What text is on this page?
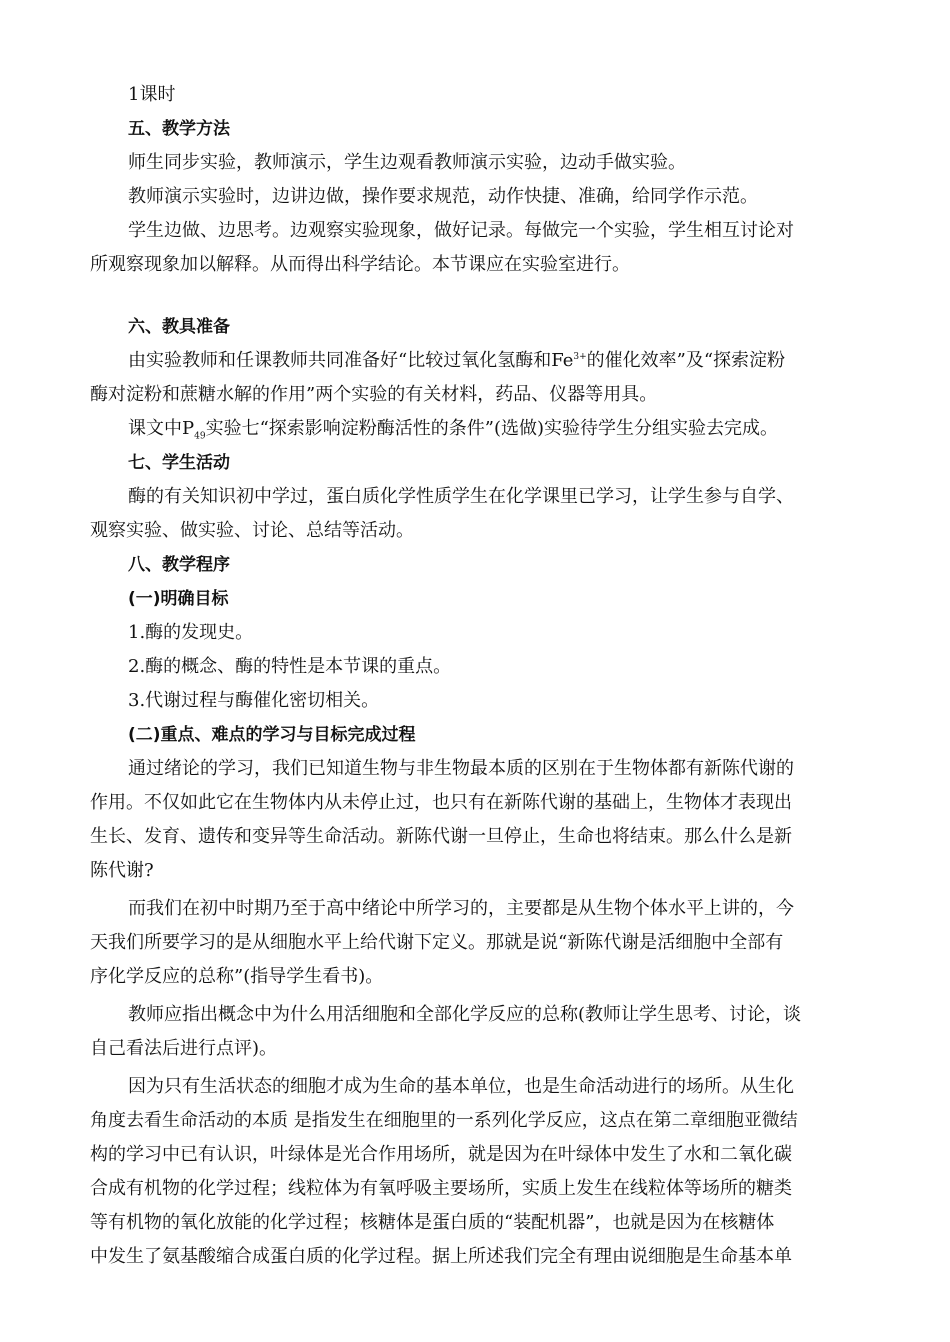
1课时

五、教学方法

师生同步实验，教师演示，学生边观看教师演示实验，边动手做实验。

教师演示实验时，边讲边做，操作要求规范，动作快捷、准确，给同学作示范。

学生边做、边思考。边观察实验现象，做好记录。每做完一个实验，学生相互讨论对

所观察现象加以解释。从而得出科学结论。本节课应在实验室进行。

六、教具准备

由实验教师和任课教师共同准备好“比较过氧化氢酶和$Fe^{3+}$的催化效率”及“探索淀粉

酶对淀粉和蔗糖水解的作用”两个实验的有关材料，药品、仪器等用具。

课文中$P_{49}$实验七“探索影响淀粉酶活性的条件”(选做)实验待学生分组实验去完成。

七、学生活动

酶的有关知识初中学过，蛋白质化学性质学生在化学课里已学习，让学生参与自学、

观察实验、做实验、讨论、总结等活动。

八、教学程序

(一)明确目标

1.酶的发现史。

2.酶的概念、酶的特性是本节课的重点。

3.代谢过程与酶催化密切相关。

(二)重点、难点的学习与目标完成过程

通过绪论的学习，我们已知道生物与非生物最本质的区别在于生物体都有新陈代谢的

作用。不仅如此它在生物体内从未停止过，也只有在新陈代谢的基础上，生物体才表现出

生长、发育、遗传和变异等生命活动。新陈代谢一旦停止，生命也将结束。那么什么是新

陈代谢?

而我们在初中时期乃至于高中绪论中所学习的，主要都是从生物个体水平上讲的，今

天我们所要学习的是从细胞水平上给代谢下定义。那就是说“新陈代谢是活细胞中全部有

序化学反应的总称”(指导学生看书)。

教师应指出概念中为什么用活细胞和全部化学反应的总称(教师让学生思考、讨论，谈

自己看法后进行点评)。

因为只有生活状态的细胞才成为生命的基本单位，也是生命活动进行的场所。从生化

角度去看生命活动的本质 是指发生在细胞里的一系列化学反应，这点在第二章细胞亚微结

构的学习中已有认识，叶绿体是光合作用场所，就是因为在叶绿体中发生了水和二氧化碳

合成有机物的化学过程；线粒体为有氧呼吸主要场所，实质上发生在线粒体等场所的糖类

等有机物的氧化放能的化学过程；核糖体是蛋白质的“装配机器”，也就是因为在核糖体

中发生了氨基酸缩合成蛋白质的化学过程。据上所述我们完全有理由说细胞是生命基本单
